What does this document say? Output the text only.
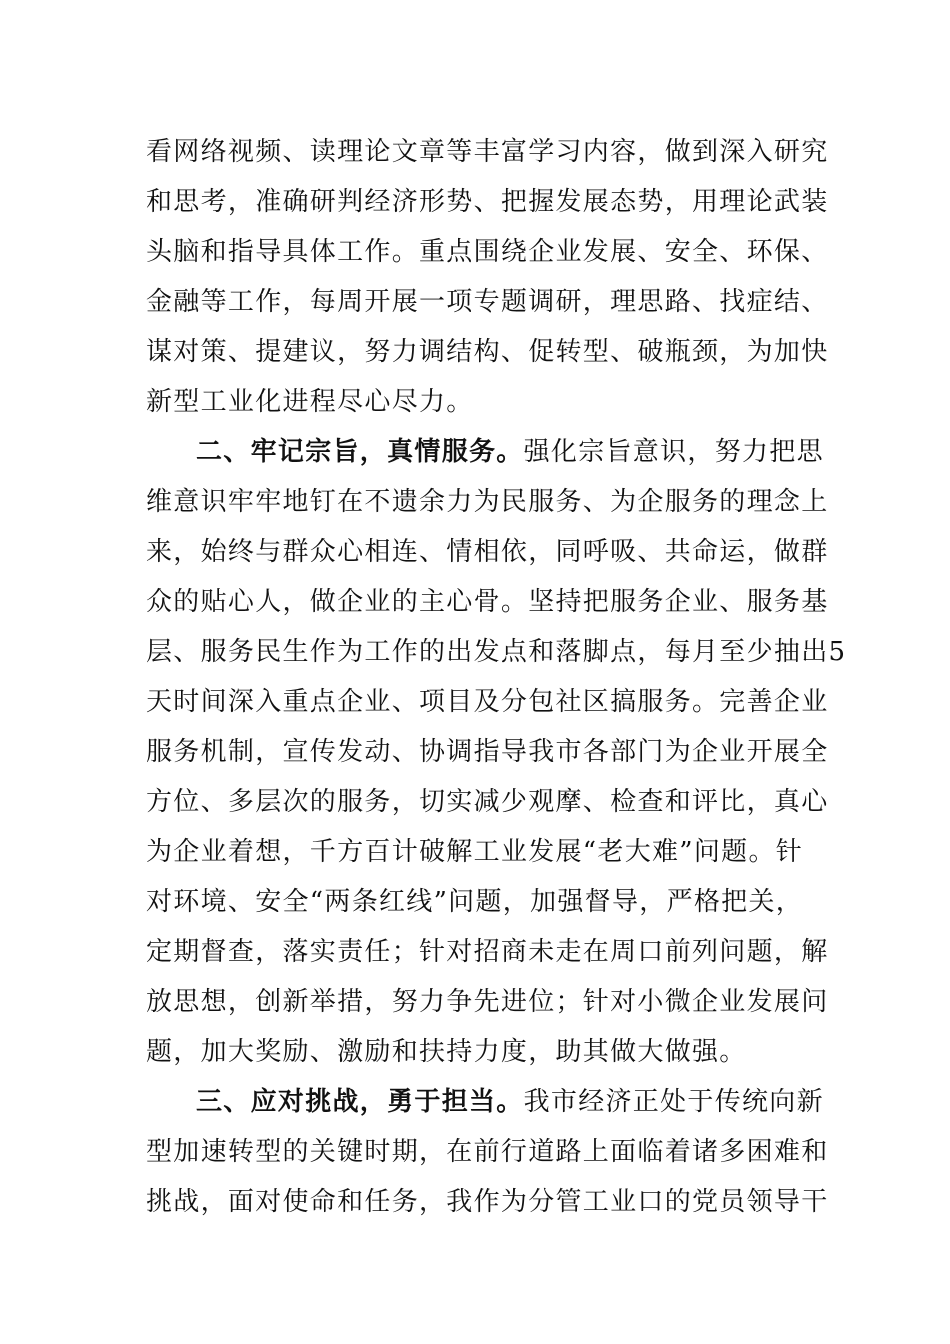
看网络视频、读理论文章等丰富学习内容，做到深入研究
和思考，准确研判经济形势、把握发展态势，用理论武装
头脑和指导具体工作。重点围绕企业发展、安全、环保、
金融等工作，每周开展一项专题调研，理思路、找症结、
谋对策、提建议，努力调结构、促转型、破瓶颈，为加快
新型工业化进程尽心尽力。
二、牢记宗旨，真情服务。强化宗旨意识，努力把思
维意识牢牢地钉在不遗余力为民服务、为企服务的理念上
来，始终与群众心相连、情相依，同呼吸、共命运，做群
众的贴心人，做企业的主心骨。坚持把服务企业、服务基
层、服务民生作为工作的出发点和落脚点，每月至少抽出5
天时间深入重点企业、项目及分包社区搞服务。完善企业
服务机制，宣传发动、协调指导我市各部门为企业开展全
方位、多层次的服务，切实减少观摩、检查和评比，真心
为企业着想，千方百计破解工业发展“老大难”问题。针
对环境、安全“两条红线”问题，加强督导，严格把关，
定期督查，落实责任；针对招商未走在周口前列问题，解
放思想，创新举措，努力争先进位；针对小微企业发展问
题，加大奖励、激励和扶持力度，助其做大做强。
三、应对挑战，勇于担当。我市经济正处于传统向新
型加速转型的关键时期，在前行道路上面临着诸多困难和
挑战，面对使命和任务，我作为分管工业口的党员领导干
